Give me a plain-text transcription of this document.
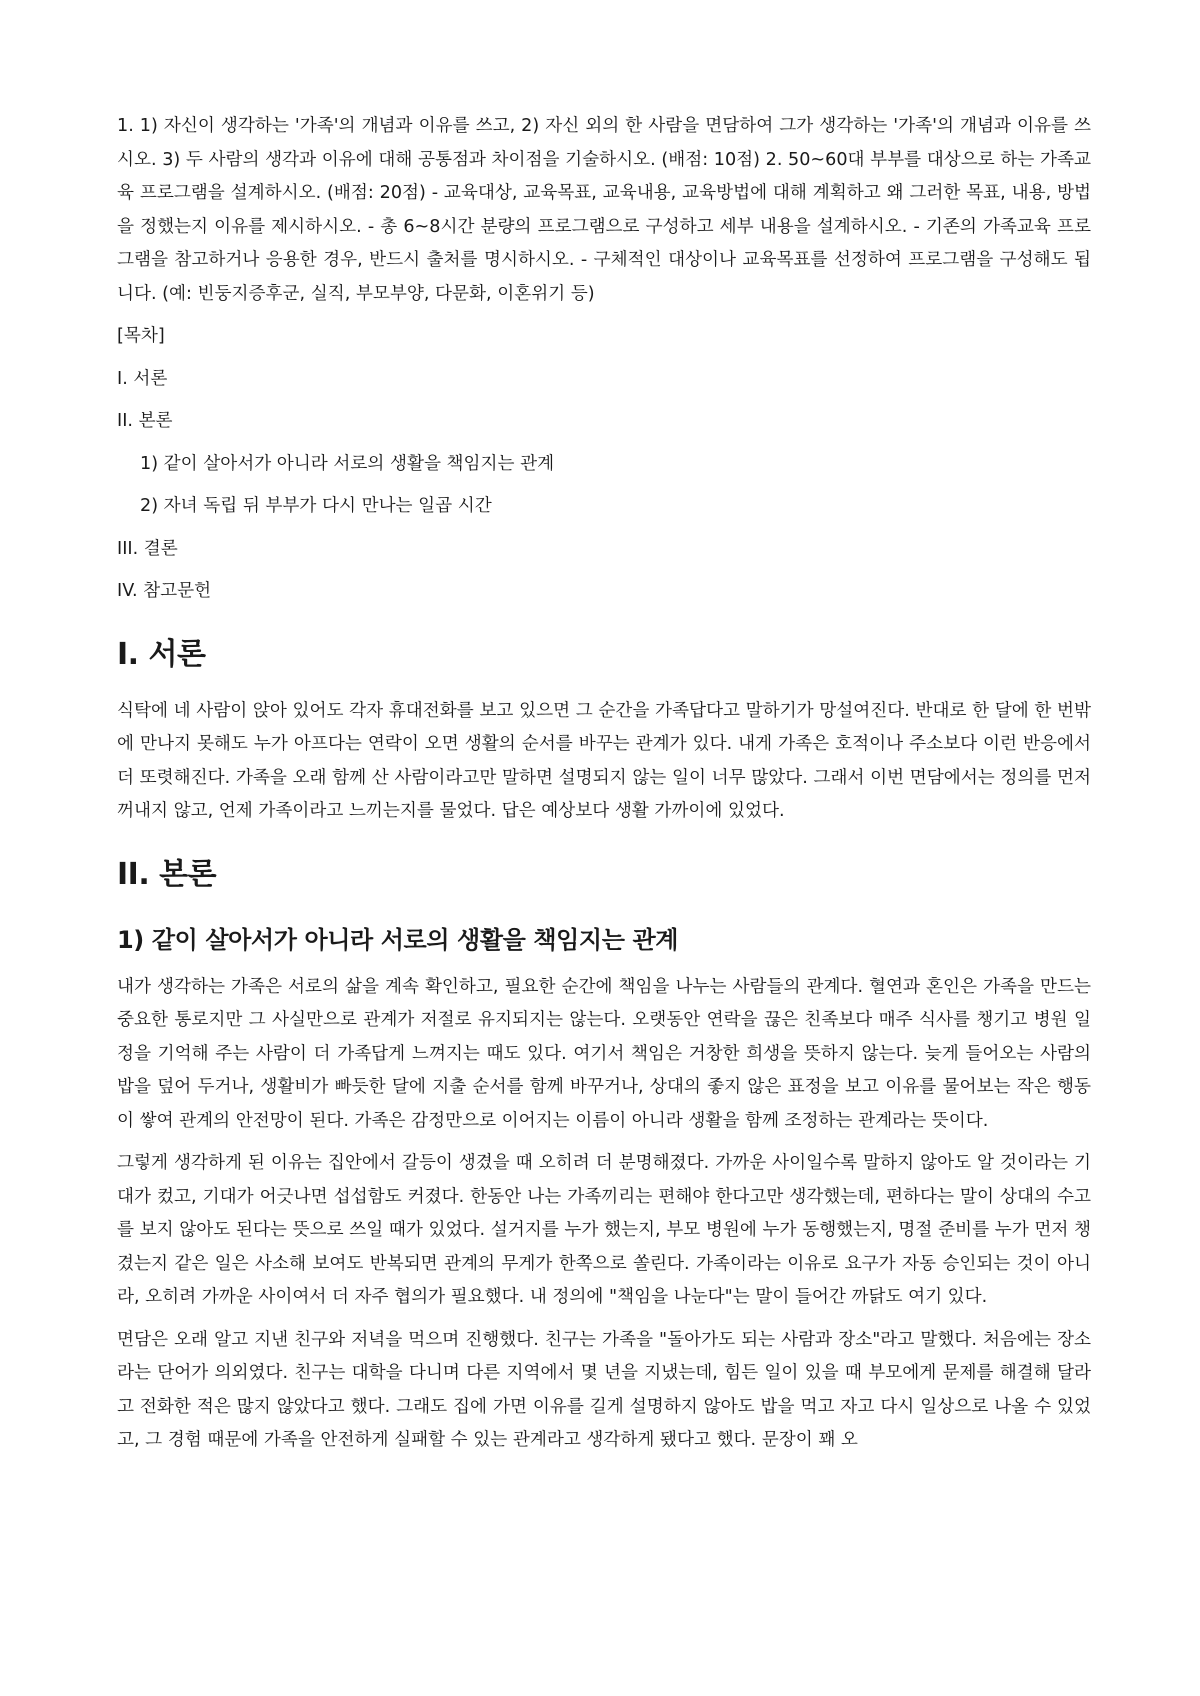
1. 1) 자신이 생각하는 '가족'의 개념과 이유를 쓰고, 2) 자신 외의 한 사람을 면담하여 그가 생각하는 '가족'의 개념과 이유를 쓰시오. 3) 두 사람의 생각과 이유에 대해 공통점과 차이점을 기술하시오. (배점: 10점) 2. 50~60대 부부를 대상으로 하는 가족교육 프로그램을 설계하시오. (배점: 20점) - 교육대상, 교육목표, 교육내용, 교육방법에 대해 계획하고 왜 그러한 목표, 내용, 방법을 정했는지 이유를 제시하시오. - 총 6~8시간 분량의 프로그램으로 구성하고 세부 내용을 설계하시오. - 기존의 가족교육 프로그램을 참고하거나 응용한 경우, 반드시 출처를 명시하시오. - 구체적인 대상이나 교육목표를 선정하여 프로그램을 구성해도 됩니다. (예: 빈둥지증후군, 실직, 부모부양, 다문화, 이혼위기 등)

[목차]
I. 서론
II. 본론
1) 같이 살아서가 아니라 서로의 생활을 책임지는 관계
2) 자녀 독립 뒤 부부가 다시 만나는 일곱 시간
III. 결론
IV. 참고문헌
I. 서론

식탁에 네 사람이 앉아 있어도 각자 휴대전화를 보고 있으면 그 순간을 가족답다고 말하기가 망설여진다. 반대로 한 달에 한 번밖에 만나지 못해도 누가 아프다는 연락이 오면 생활의 순서를 바꾸는 관계가 있다. 내게 가족은 호적이나 주소보다 이런 반응에서 더 또렷해진다. 가족을 오래 함께 산 사람이라고만 말하면 설명되지 않는 일이 너무 많았다. 그래서 이번 면담에서는 정의를 먼저 꺼내지 않고, 언제 가족이라고 느끼는지를 물었다. 답은 예상보다 생활 가까이에 있었다.

II. 본론
1) 같이 살아서가 아니라 서로의 생활을 책임지는 관계

내가 생각하는 가족은 서로의 삶을 계속 확인하고, 필요한 순간에 책임을 나누는 사람들의 관계다. 혈연과 혼인은 가족을 만드는 중요한 통로지만 그 사실만으로 관계가 저절로 유지되지는 않는다. 오랫동안 연락을 끊은 친족보다 매주 식사를 챙기고 병원 일정을 기억해 주는 사람이 더 가족답게 느껴지는 때도 있다. 여기서 책임은 거창한 희생을 뜻하지 않는다. 늦게 들어오는 사람의 밥을 덮어 두거나, 생활비가 빠듯한 달에 지출 순서를 함께 바꾸거나, 상대의 좋지 않은 표정을 보고 이유를 물어보는 작은 행동이 쌓여 관계의 안전망이 된다. 가족은 감정만으로 이어지는 이름이 아니라 생활을 함께 조정하는 관계라는 뜻이다.

그렇게 생각하게 된 이유는 집안에서 갈등이 생겼을 때 오히려 더 분명해졌다. 가까운 사이일수록 말하지 않아도 알 것이라는 기대가 컸고, 기대가 어긋나면 섭섭함도 커졌다. 한동안 나는 가족끼리는 편해야 한다고만 생각했는데, 편하다는 말이 상대의 수고를 보지 않아도 된다는 뜻으로 쓰일 때가 있었다. 설거지를 누가 했는지, 부모 병원에 누가 동행했는지, 명절 준비를 누가 먼저 챙겼는지 같은 일은 사소해 보여도 반복되면 관계의 무게가 한쪽으로 쏠린다. 가족이라는 이유로 요구가 자동 승인되는 것이 아니라, 오히려 가까운 사이여서 더 자주 협의가 필요했다. 내 정의에 "책임을 나눈다"는 말이 들어간 까닭도 여기 있다.

면담은 오래 알고 지낸 친구와 저녁을 먹으며 진행했다. 친구는 가족을 "돌아가도 되는 사람과 장소"라고 말했다. 처음에는 장소라는 단어가 의외였다. 친구는 대학을 다니며 다른 지역에서 몇 년을 지냈는데, 힘든 일이 있을 때 부모에게 문제를 해결해 달라고 전화한 적은 많지 않았다고 했다. 그래도 집에 가면 이유를 길게 설명하지 않아도 밥을 먹고 자고 다시 일상으로 나올 수 있었고, 그 경험 때문에 가족을 안전하게 실패할 수 있는 관계라고 생각하게 됐다고 했다. 문장이 꽤 오
